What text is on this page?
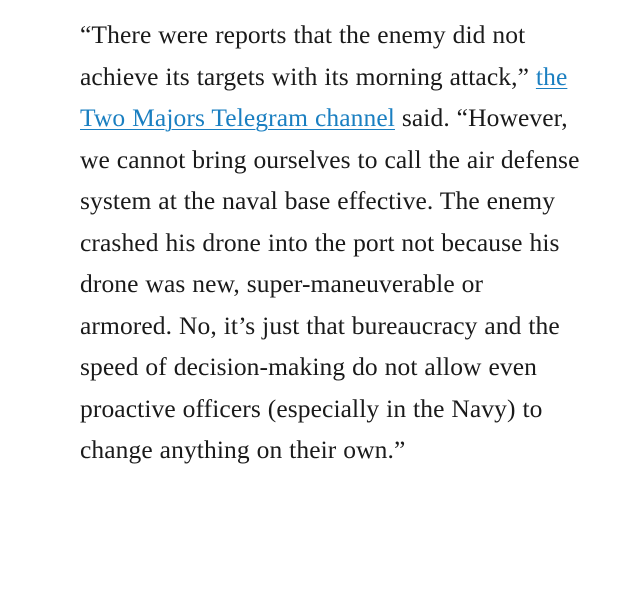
“There were reports that the enemy did not achieve its targets with its morning attack,” the Two Majors Telegram channel said. “However, we cannot bring ourselves to call the air defense system at the naval base effective. The enemy crashed his drone into the port not because his drone was new, super-maneuverable or armored. No, it’s just that bureaucracy and the speed of decision-making do not allow even proactive officers (especially in the Navy) to change anything on their own.”
